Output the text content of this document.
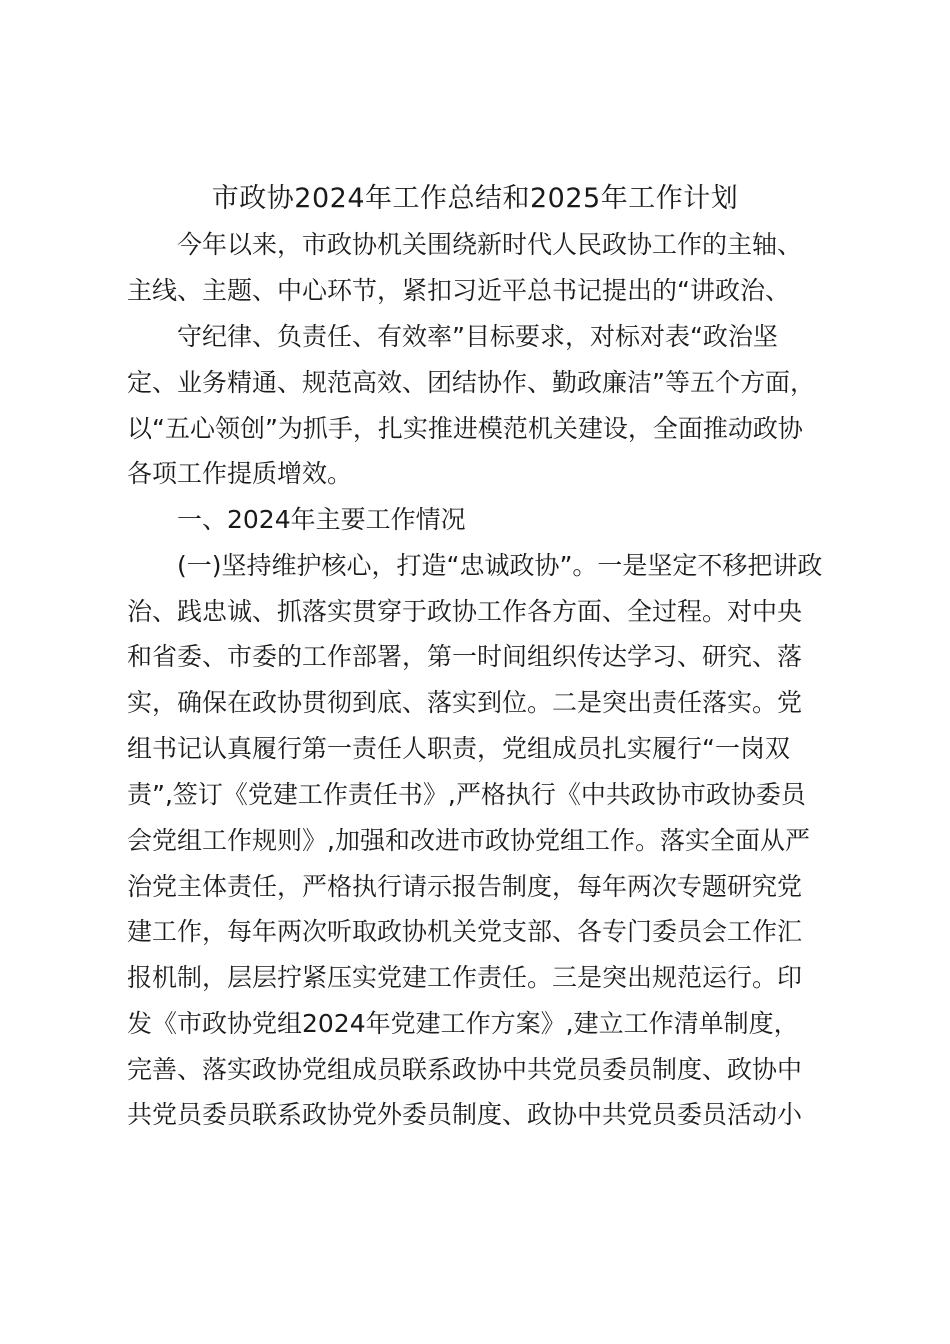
市政协2024年工作总结和2025年工作计划

今年以来，市政协机关围绕新时代人民政协工作的主轴、

主线、主题、中心环节，紧扣习近平总书记提出的“讲政治、

守纪律、负责任、有效率”目标要求，对标对表“政治坚

定、业务精通、规范高效、团结协作、勤政廉洁”等五个方面，

以“五心领创”为抓手，扎实推进模范机关建设，全面推动政协

各项工作提质增效。

一、2024年主要工作情况

(一)坚持维护核心，打造“忠诚政协”。一是坚定不移把讲政

治、践忠诚、抓落实贯穿于政协工作各方面、全过程。对中央

和省委、市委的工作部署，第一时间组织传达学习、研究、落

实，确保在政协贯彻到底、落实到位。二是突出责任落实。党

组书记认真履行第一责任人职责，党组成员扎实履行“一岗双

责”,签订《党建工作责任书》,严格执行《中共政协市政协委员

会党组工作规则》,加强和改进市政协党组工作。落实全面从严

治党主体责任，严格执行请示报告制度，每年两次专题研究党

建工作，每年两次听取政协机关党支部、各专门委员会工作汇

报机制，层层拧紧压实党建工作责任。三是突出规范运行。印

发《市政协党组2024年党建工作方案》,建立工作清单制度，

完善、落实政协党组成员联系政协中共党员委员制度、政协中

共党员委员联系政协党外委员制度、政协中共党员委员活动小
